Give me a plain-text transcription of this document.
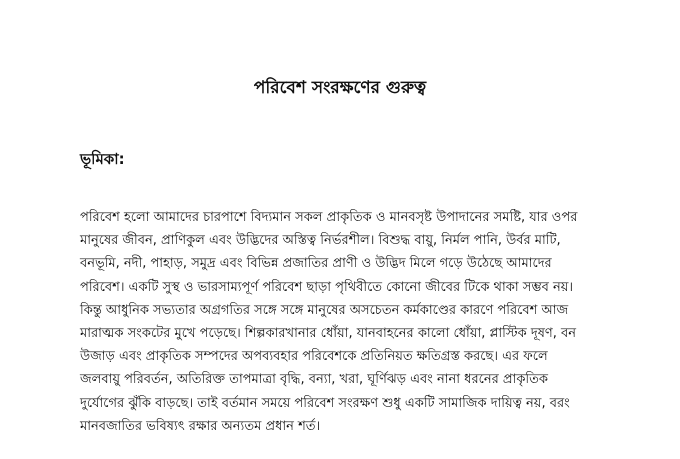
পরিবেশ সংরক্ষণের গুরুত্ব
ভূমিকা:

পরিবেশ হলো আমাদের চারপাশে বিদ্যমান সকল প্রাকৃতিক ও মানবসৃষ্ট উপাদানের সমষ্টি, যার ওপর
মানুষের জীবন, প্রাণিকুল এবং উদ্ভিদের অস্তিত্ব নির্ভরশীল। বিশুদ্ধ বায়ু, নির্মল পানি, উর্বর মাটি,
বনভূমি, নদী, পাহাড়, সমুদ্র এবং বিভিন্ন প্রজাতির প্রাণী ও উদ্ভিদ মিলে গড়ে উঠেছে আমাদের
পরিবেশ। একটি সুস্থ ও ভারসাম্যপূর্ণ পরিবেশ ছাড়া পৃথিবীতে কোনো জীবের টিকে থাকা সম্ভব নয়।
কিন্তু আধুনিক সভ্যতার অগ্রগতির সঙ্গে সঙ্গে মানুষের অসচেতন কর্মকাণ্ডের কারণে পরিবেশ আজ
মারাত্মক সংকটের মুখে পড়েছে। শিল্পকারখানার ধোঁয়া, যানবাহনের কালো ধোঁয়া, প্লাস্টিক দূষণ, বন
উজাড় এবং প্রাকৃতিক সম্পদের অপব্যবহার পরিবেশকে প্রতিনিয়ত ক্ষতিগ্রস্ত করছে। এর ফলে
জলবায়ু পরিবর্তন, অতিরিক্ত তাপমাত্রা বৃদ্ধি, বন্যা, খরা, ঘূর্ণিঝড় এবং নানা ধরনের প্রাকৃতিক
দুর্যোগের ঝুঁকি বাড়ছে। তাই বর্তমান সময়ে পরিবেশ সংরক্ষণ শুধু একটি সামাজিক দায়িত্ব নয়, বরং
মানবজাতির ভবিষ্যৎ রক্ষার অন্যতম প্রধান শর্ত।
